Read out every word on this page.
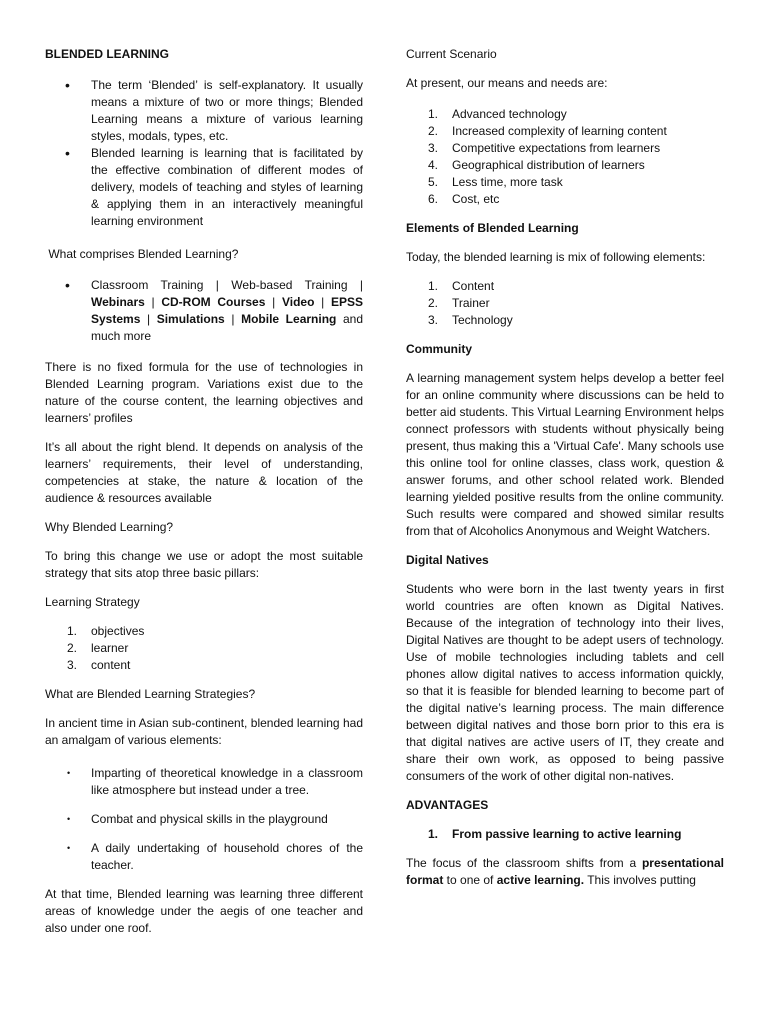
BLENDED LEARNING
• The term ‘Blended’ is self-explanatory. It usually means a mixture of two or more things; Blended Learning means a mixture of various learning styles, modals, types, etc.
• Blended learning is learning that is facilitated by the effective combination of different modes of delivery, models of teaching and styles of learning & applying them in an interactively meaningful learning environment
What comprises Blended Learning?
• Classroom Training | Web-based Training | Webinars | CD-ROM Courses | Video | EPSS Systems | Simulations | Mobile Learning and much more

There is no fixed formula for the use of technologies in Blended Learning program. Variations exist due to the nature of the course content, the learning objectives and learners’ profiles

It’s all about the right blend. It depends on analysis of the learners’ requirements, their level of understanding, competencies at stake, the nature & location of the audience & resources available

Why Blended Learning?

To bring this change we use or adopt the most suitable strategy that sits atop three basic pillars:

Learning Strategy
1. objectives
2. learner
3. content
What are Blended Learning Strategies?

In ancient time in Asian sub-continent, blended learning had an amalgam of various elements:

• Imparting of theoretical knowledge in a classroom like atmosphere but instead under a tree.
• Combat and physical skills in the playground
• A daily undertaking of household chores of the teacher.

At that time, Blended learning was learning three different areas of knowledge under the aegis of one teacher and also under one roof.

Current Scenario

At present, our means and needs are:

1. Advanced technology
2. Increased complexity of learning content
3. Competitive expectations from learners
4. Geographical distribution of learners
5. Less time, more task
6. Cost, etc
Elements of Blended Learning

Today, the blended learning is mix of following elements:

1. Content
2. Trainer
3. Technology
Community

A learning management system helps develop a better feel for an online community where discussions can be held to better aid students. This Virtual Learning Environment helps connect professors with students without physically being present, thus making this a 'Virtual Cafe'. Many schools use this online tool for online classes, class work, question & answer forums, and other school related work. Blended learning yielded positive results from the online community. Such results were compared and showed similar results from that of Alcoholics Anonymous and Weight Watchers.

Digital Natives

Students who were born in the last twenty years in first world countries are often known as Digital Natives. Because of the integration of technology into their lives, Digital Natives are thought to be adept users of technology. Use of mobile technologies including tablets and cell phones allow digital natives to access information quickly, so that it is feasible for blended learning to become part of the digital native’s learning process. The main difference between digital natives and those born prior to this era is that digital natives are active users of IT, they create and share their own work, as opposed to being passive consumers of the work of other digital non-natives.

ADVANTAGES
1. From passive learning to active learning

The focus of the classroom shifts from a presentational format to one of active learning. This involves putting
